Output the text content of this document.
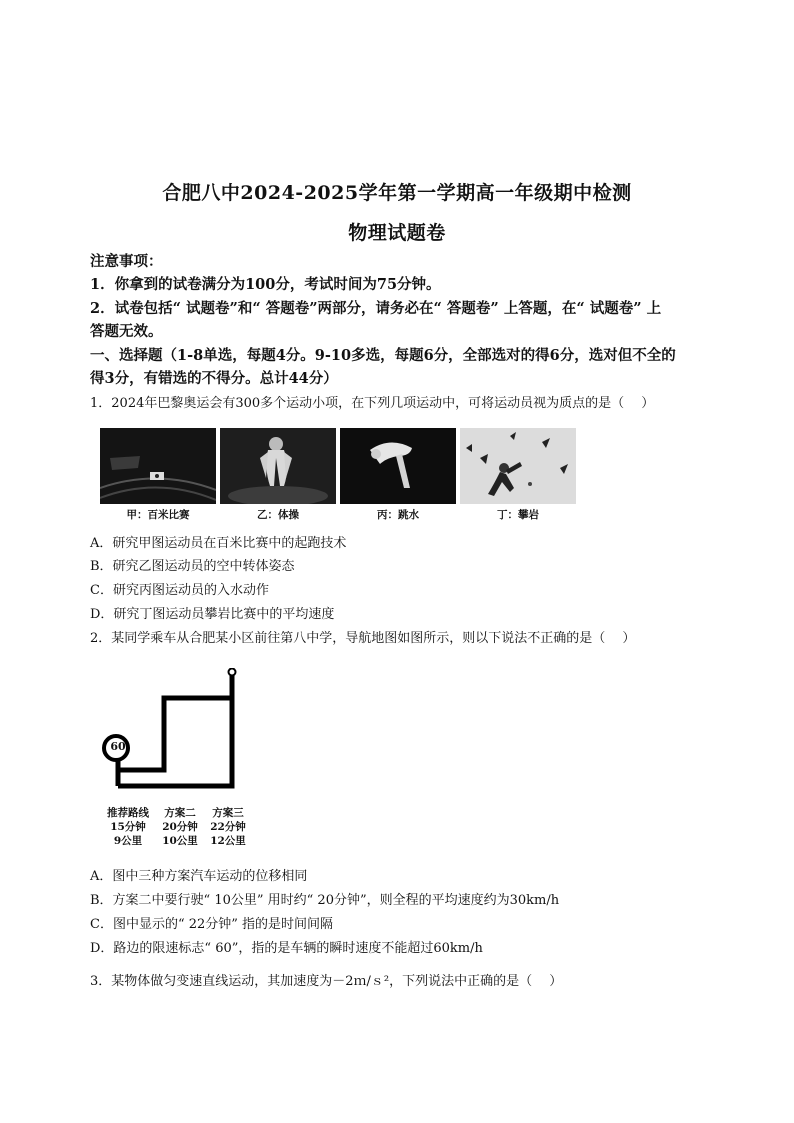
合肥八中2024-2025学年第一学期高一年级期中检测
物理试题卷
注意事项：
1．你拿到的试卷满分为100分，考试时间为75分钟。
2．试卷包括“ 试题卷”和“ 答题卷”两部分，请务必在“ 答题卷” 上答题，在“ 试题卷” 上
答题无效。
一、选择题（1-8单选，每题4分。9-10多选，每题6分，全部选对的得6分，选对但不全的
得3分，有错选的不得分。总计44分）
1．2024年巴黎奥运会有300多个运动小项，在下列几项运动中，可将运动员视为质点的是（　 ）
甲：百米比赛	乙：体操	丙：跳水	丁：攀岩
A．研究甲图运动员在百米比赛中的起跑技术
B．研究乙图运动员的空中转体姿态
C．研究丙图运动员的入水动作
D．研究丁图运动员攀岩比赛中的平均速度
2．某同学乘车从合肥某小区前往第八中学，导航地图如图所示，则以下说法不正确的是（　 ）
60
推荐路线
15分钟
9公里
方案二
20分钟
10公里
方案三
22分钟
12公里
A．图中三种方案汽车运动的位移相同
B．方案二中要行驶“ 10公里” 用时约“ 20分钟”，则全程的平均速度约为30km/h
C．图中显示的“ 22分钟” 指的是时间间隔
D．路边的限速标志“ 60”，指的是车辆的瞬时速度不能超过60km/h
3．某物体做匀变速直线运动，其加速度为－2ｍ/ｓ²，下列说法中正确的是（　 ）
